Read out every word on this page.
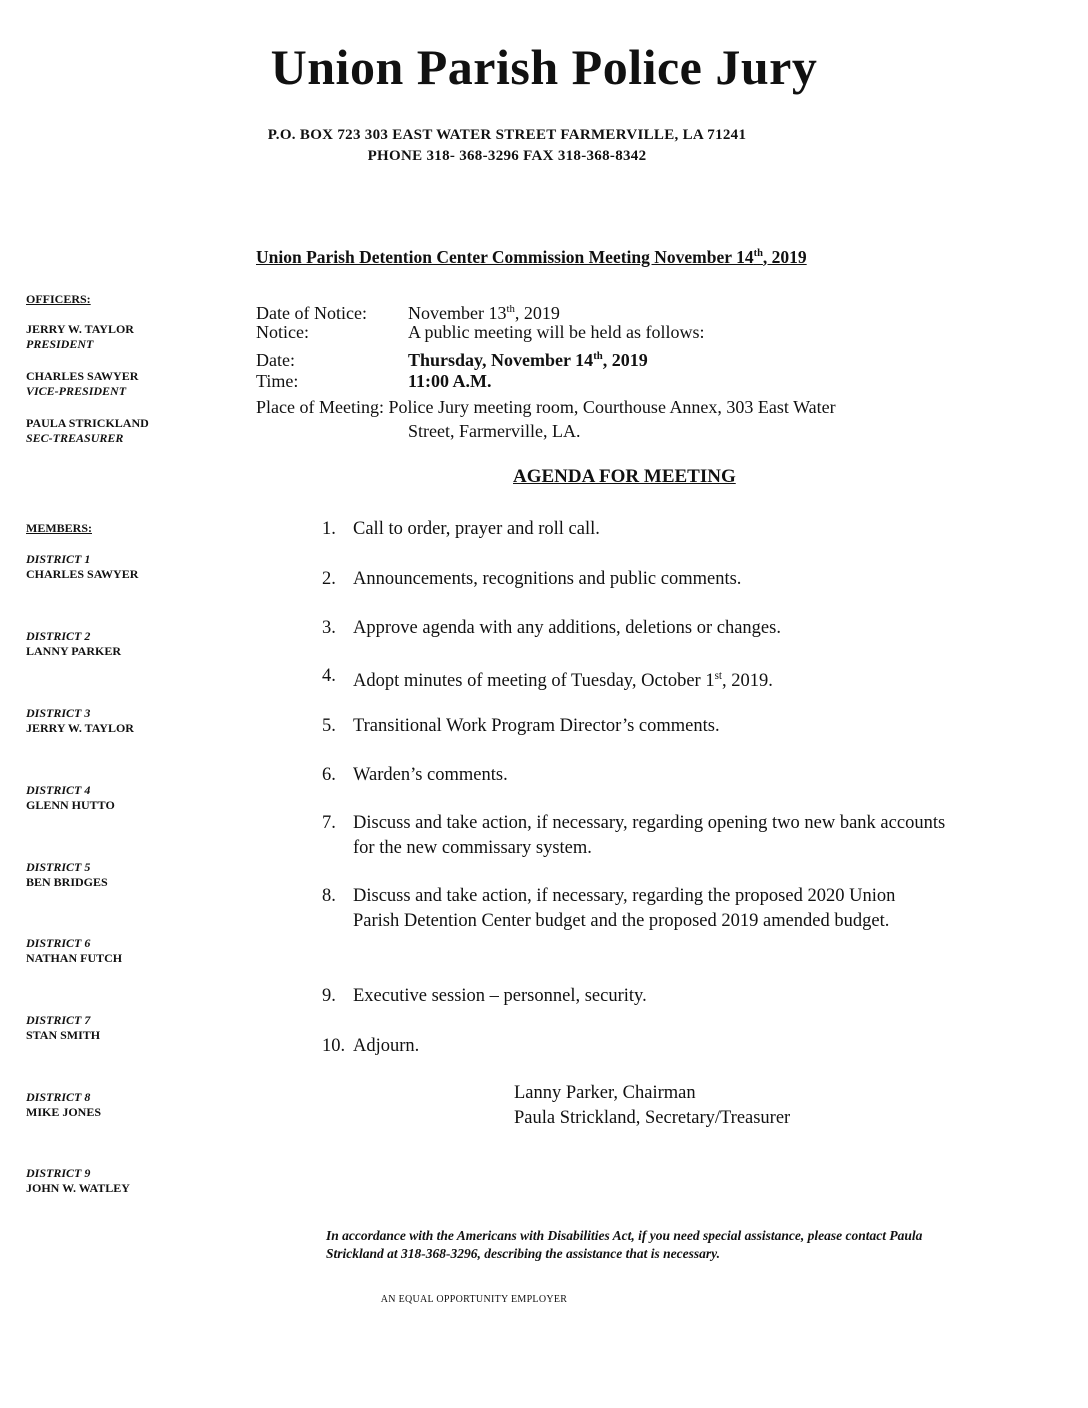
Union Parish Police Jury
P.O. BOX 723 303 EAST WATER STREET FARMERVILLE, LA 71241
PHONE 318- 368-3296 FAX 318-368-8342
Union Parish Detention Center Commission Meeting November 14th, 2019
OFFICERS:
JERRY W. TAYLOR
PRESIDENT
CHARLES SAWYER
VICE-PRESIDENT
PAULA STRICKLAND
SEC-TREASURER
MEMBERS:
DISTRICT 1
CHARLES SAWYER
DISTRICT 2
LANNY PARKER
DISTRICT 3
JERRY W. TAYLOR
DISTRICT 4
GLENN HUTTO
DISTRICT 5
BEN BRIDGES
DISTRICT 6
NATHAN FUTCH
DISTRICT 7
STAN SMITH
DISTRICT 8
MIKE JONES
DISTRICT 9
JOHN W. WATLEY
Date of Notice: November 13th, 2019
Notice:	A public meeting will be held as follows:
Date:	Thursday, November 14th, 2019
Time:	11:00 A.M.
Place of Meeting: Police Jury meeting room, Courthouse Annex, 303 East Water
Street, Farmerville, LA.
AGENDA FOR MEETING
1. Call to order, prayer and roll call.
2. Announcements, recognitions and public comments.
3. Approve agenda with any additions, deletions or changes.
4. Adopt minutes of meeting of Tuesday, October 1st, 2019.
5. Transitional Work Program Director’s comments.
6. Warden’s comments.
7. Discuss and take action, if necessary, regarding opening two new bank accounts for the new commissary system.
8. Discuss and take action, if necessary, regarding the proposed 2020 Union Parish Detention Center budget and the proposed 2019 amended budget.
9. Executive session – personnel, security.
10. Adjourn.
Lanny Parker, Chairman
Paula Strickland, Secretary/Treasurer
In accordance with the Americans with Disabilities Act, if you need special assistance, please contact Paula Strickland at 318-368-3296, describing the assistance that is necessary.
AN EQUAL OPPORTUNITY EMPLOYER
